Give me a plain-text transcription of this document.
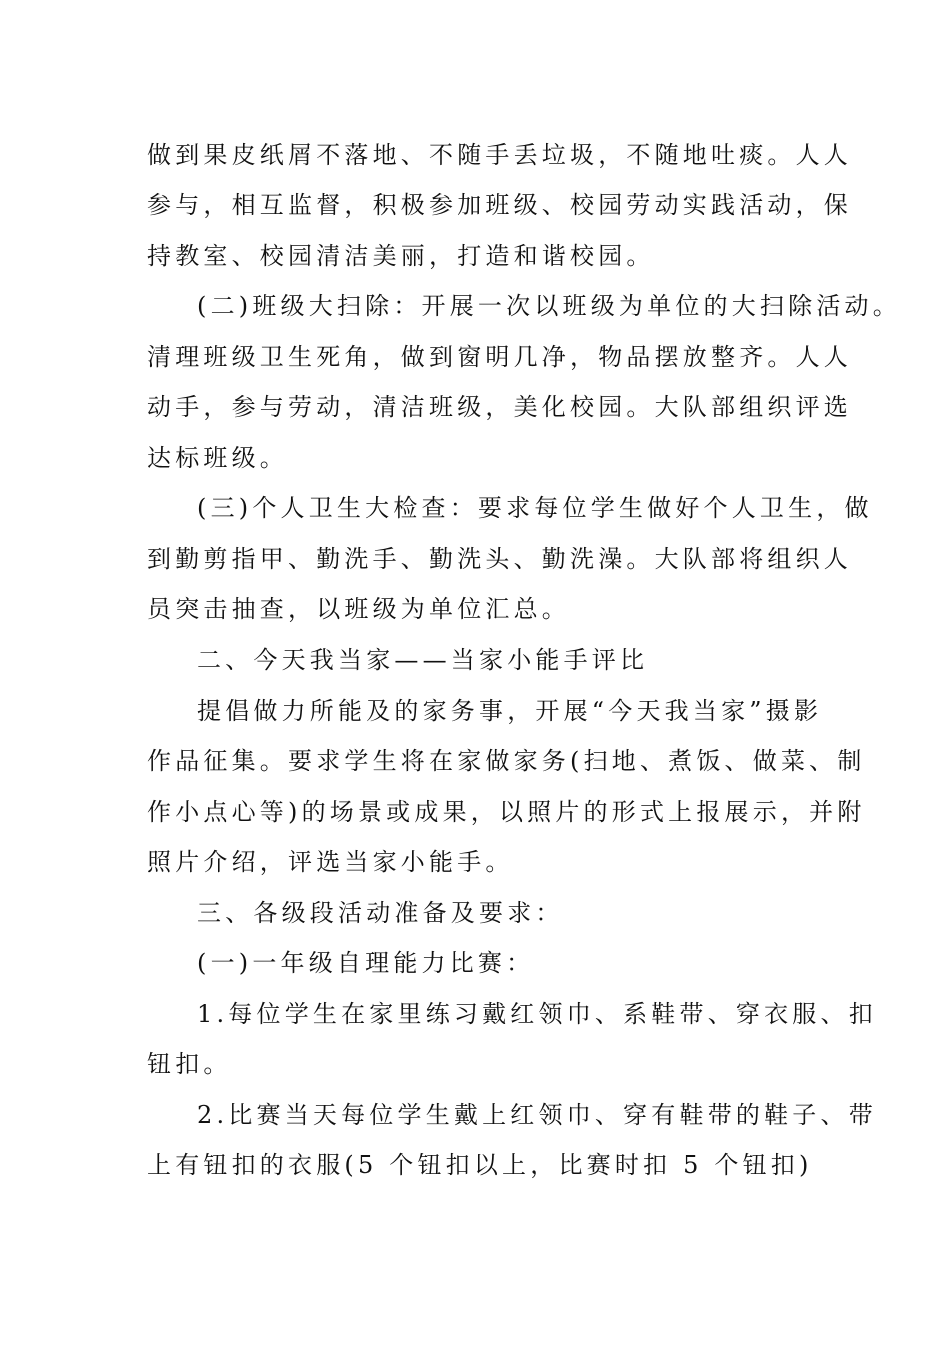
做到果皮纸屑不落地、不随手丢垃圾，不随地吐痰。人人
参与，相互监督，积极参加班级、校园劳动实践活动，保
持教室、校园清洁美丽，打造和谐校园。
(二)班级大扫除：开展一次以班级为单位的大扫除活动。
清理班级卫生死角，做到窗明几净，物品摆放整齐。人人
动手，参与劳动，清洁班级，美化校园。大队部组织评选
达标班级。
(三)个人卫生大检查：要求每位学生做好个人卫生，做
到勤剪指甲、勤洗手、勤洗头、勤洗澡。大队部将组织人
员突击抽查，以班级为单位汇总。
二、今天我当家——当家小能手评比
提倡做力所能及的家务事，开展“今天我当家”摄影
作品征集。要求学生将在家做家务(扫地、煮饭、做菜、制
作小点心等)的场景或成果，以照片的形式上报展示，并附
照片介绍，评选当家小能手。
三、各级段活动准备及要求：
(一)一年级自理能力比赛：
1.每位学生在家里练习戴红领巾、系鞋带、穿衣服、扣
钮扣。
2.比赛当天每位学生戴上红领巾、穿有鞋带的鞋子、带
上有钮扣的衣服(5 个钮扣以上，比赛时扣 5 个钮扣)
